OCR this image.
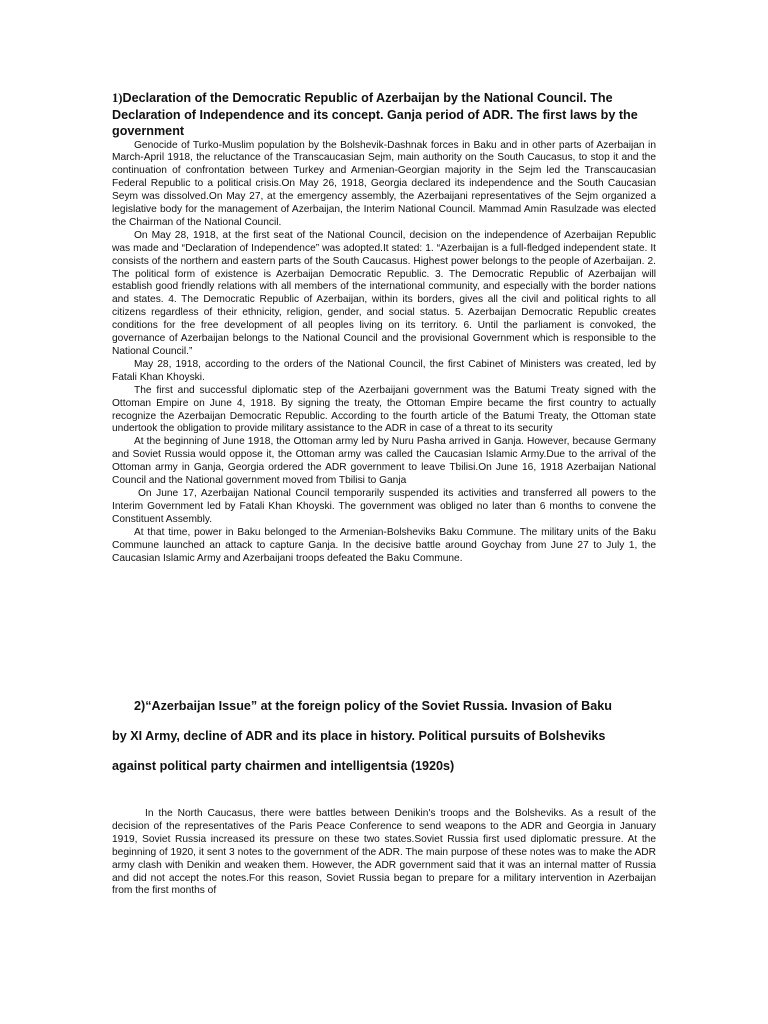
1)Declaration of the Democratic Republic of Azerbaijan by the National Council. The Declaration of Independence and its concept. Ganja period of ADR. The first laws by the government

Genocide of Turko-Muslim population by the Bolshevik-Dashnak forces in Baku and in other parts of Azerbaijan in March-April 1918, the reluctance of the Transcaucasian Sejm, main authority on the South Caucasus, to stop it and the continuation of confrontation between Turkey and Armenian-Georgian majority in the Sejm led the Transcaucasian Federal Republic to a political crisis.On May 26, 1918, Georgia declared its independence and the South Caucasian Seym was dissolved.On May 27, at the emergency assembly, the Azerbaijani representatives of the Sejm organized a legislative body for the management of Azerbaijan, the Interim National Council. Mammad Amin Rasulzade was elected the Chairman of the National Council.

On May 28, 1918, at the first seat of the National Council, decision on the independence of Azerbaijan Republic was made and “Declaration of Independence” was adopted.It stated: 1. “Azerbaijan is a full-fledged independent state. It consists of the northern and eastern parts of the South Caucasus. Highest power belongs to the people of Azerbaijan. 2. The political form of existence is Azerbaijan Democratic Republic. 3. The Democratic Republic of Azerbaijan will establish good friendly relations with all members of the international community, and especially with the border nations and states. 4. The Democratic Republic of Azerbaijan, within its borders, gives all the civil and political rights to all citizens regardless of their ethnicity, religion, gender, and social status. 5. Azerbaijan Democratic Republic creates conditions for the free development of all peoples living on its territory. 6. Until the parliament is convoked, the governance of Azerbaijan belongs to the National Council and the provisional Government which is responsible to the National Council.”

May 28, 1918, according to the orders of the National Council, the first Cabinet of Ministers was created, led by Fatali Khan Khoyski.

The first and successful diplomatic step of the Azerbaijani government was the Batumi Treaty signed with the Ottoman Empire on June 4, 1918. By signing the treaty, the Ottoman Empire became the first country to actually recognize the Azerbaijan Democratic Republic. According to the fourth article of the Batumi Treaty, the Ottoman state undertook the obligation to provide military assistance to the ADR in case of a threat to its security

At the beginning of June 1918, the Ottoman army led by Nuru Pasha arrived in Ganja. However, because Germany and Soviet Russia would oppose it, the Ottoman army was called the Caucasian Islamic Army.Due to the arrival of the Ottoman army in Ganja, Georgia ordered the ADR government to leave Tbilisi.On June 16, 1918 Azerbaijan National Council and the National government moved from Tbilisi to Ganja

On June 17, Azerbaijan National Council temporarily suspended its activities and transferred all powers to the Interim Government led by Fatali Khan Khoyski. The government was obliged no later than 6 months to convene the Constituent Assembly.

At that time, power in Baku belonged to the Armenian-Bolsheviks Baku Commune. The military units of the Baku Commune launched an attack to capture Ganja. In the decisive battle around Goychay from June 27 to July 1, the Caucasian Islamic Army and Azerbaijani troops defeated the Baku Commune.

2)“Azerbaijan Issue” at the foreign policy of the Soviet Russia. Invasion of Baku
by XI Army, decline of ADR and its place in history. Political pursuits of Bolsheviks
against political party chairmen and intelligentsia (1920s)

In the North Caucasus, there were battles between Denikin's troops and the Bolsheviks. As a result of the decision of the representatives of the Paris Peace Conference to send weapons to the ADR and Georgia in January 1919, Soviet Russia increased its pressure on these two states.Soviet Russia first used diplomatic pressure. At the beginning of 1920, it sent 3 notes to the government of the ADR. The main purpose of these notes was to make the ADR army clash with Denikin and weaken them. However, the ADR government said that it was an internal matter of Russia and did not accept the notes.For this reason, Soviet Russia began to prepare for a military intervention in Azerbaijan from the first months of
